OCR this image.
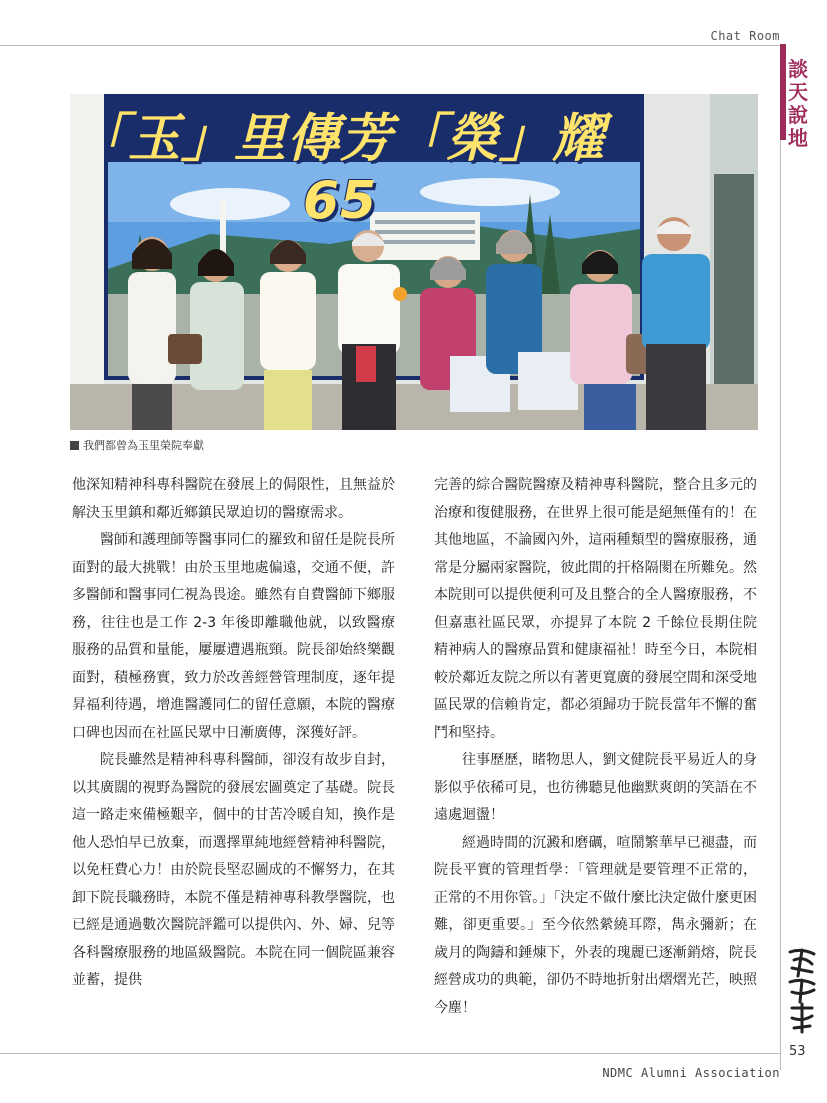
Chat Room
談
天
說
地
「玉」里傳芳「榮」耀65
我們都曾為玉里榮院奉獻

他深知精神科專科醫院在發展上的侷限性，且無益於解決玉里鎮和鄰近鄉鎮民眾迫切的醫療需求。

醫師和護理師等醫事同仁的羅致和留任是院長所面對的最大挑戰！由於玉里地處偏遠，交通不便，許多醫師和醫事同仁視為畏途。雖然有自費醫師下鄉服務，往往也是工作 2-3 年後即離職他就，以致醫療服務的品質和量能，屢屢遭遇瓶頸。院長卻始終樂觀面對，積極務實，致力於改善經營管理制度，逐年提昇福利待遇，增進醫護同仁的留任意願，本院的醫療口碑也因而在社區民眾中日漸廣傳，深獲好評。

院長雖然是精神科專科醫師，卻沒有故步自封，以其廣闊的視野為醫院的發展宏圖奠定了基礎。院長這一路走來備極艱辛，個中的甘苦冷暖自知，換作是他人恐怕早已放棄，而選擇單純地經營精神科醫院，以免枉費心力！由於院長堅忍圖成的不懈努力，在其卸下院長職務時，本院不僅是精神專科教學醫院，也已經是通過數次醫院評鑑可以提供內、外、婦、兒等各科醫療服務的地區級醫院。本院在同一個院區兼容並蓄，提供

完善的綜合醫院醫療及精神專科醫院，整合且多元的治療和復健服務，在世界上很可能是絕無僅有的！在其他地區，不論國內外，這兩種類型的醫療服務，通常是分屬兩家醫院，彼此間的扞格隔閡在所難免。然本院則可以提供便利可及且整合的全人醫療服務，不但嘉惠社區民眾，亦提昇了本院 2 千餘位長期住院精神病人的醫療品質和健康福祉！時至今日，本院相較於鄰近友院之所以有著更寬廣的發展空間和深受地區民眾的信賴肯定，都必須歸功于院長當年不懈的奮鬥和堅持。

往事歷歷，睹物思人，劉文健院長平易近人的身影似乎依稀可見，也彷彿聽見他幽默爽朗的笑語在不遠處迴盪！

經過時間的沉澱和磨礪，喧鬧繁華早已褪盡，而院長平實的管理哲學：「管理就是要管理不正常的，正常的不用你管。」「決定不做什麼比決定做什麼更困難，卻更重要。」至今依然縈繞耳際，雋永彌新；在歲月的陶鑄和錘煉下，外表的瑰麗已逐漸銷熔，院長經營成功的典範，卻仍不時地折射出熠熠光芒，映照今塵！

53
NDMC Alumni Association
